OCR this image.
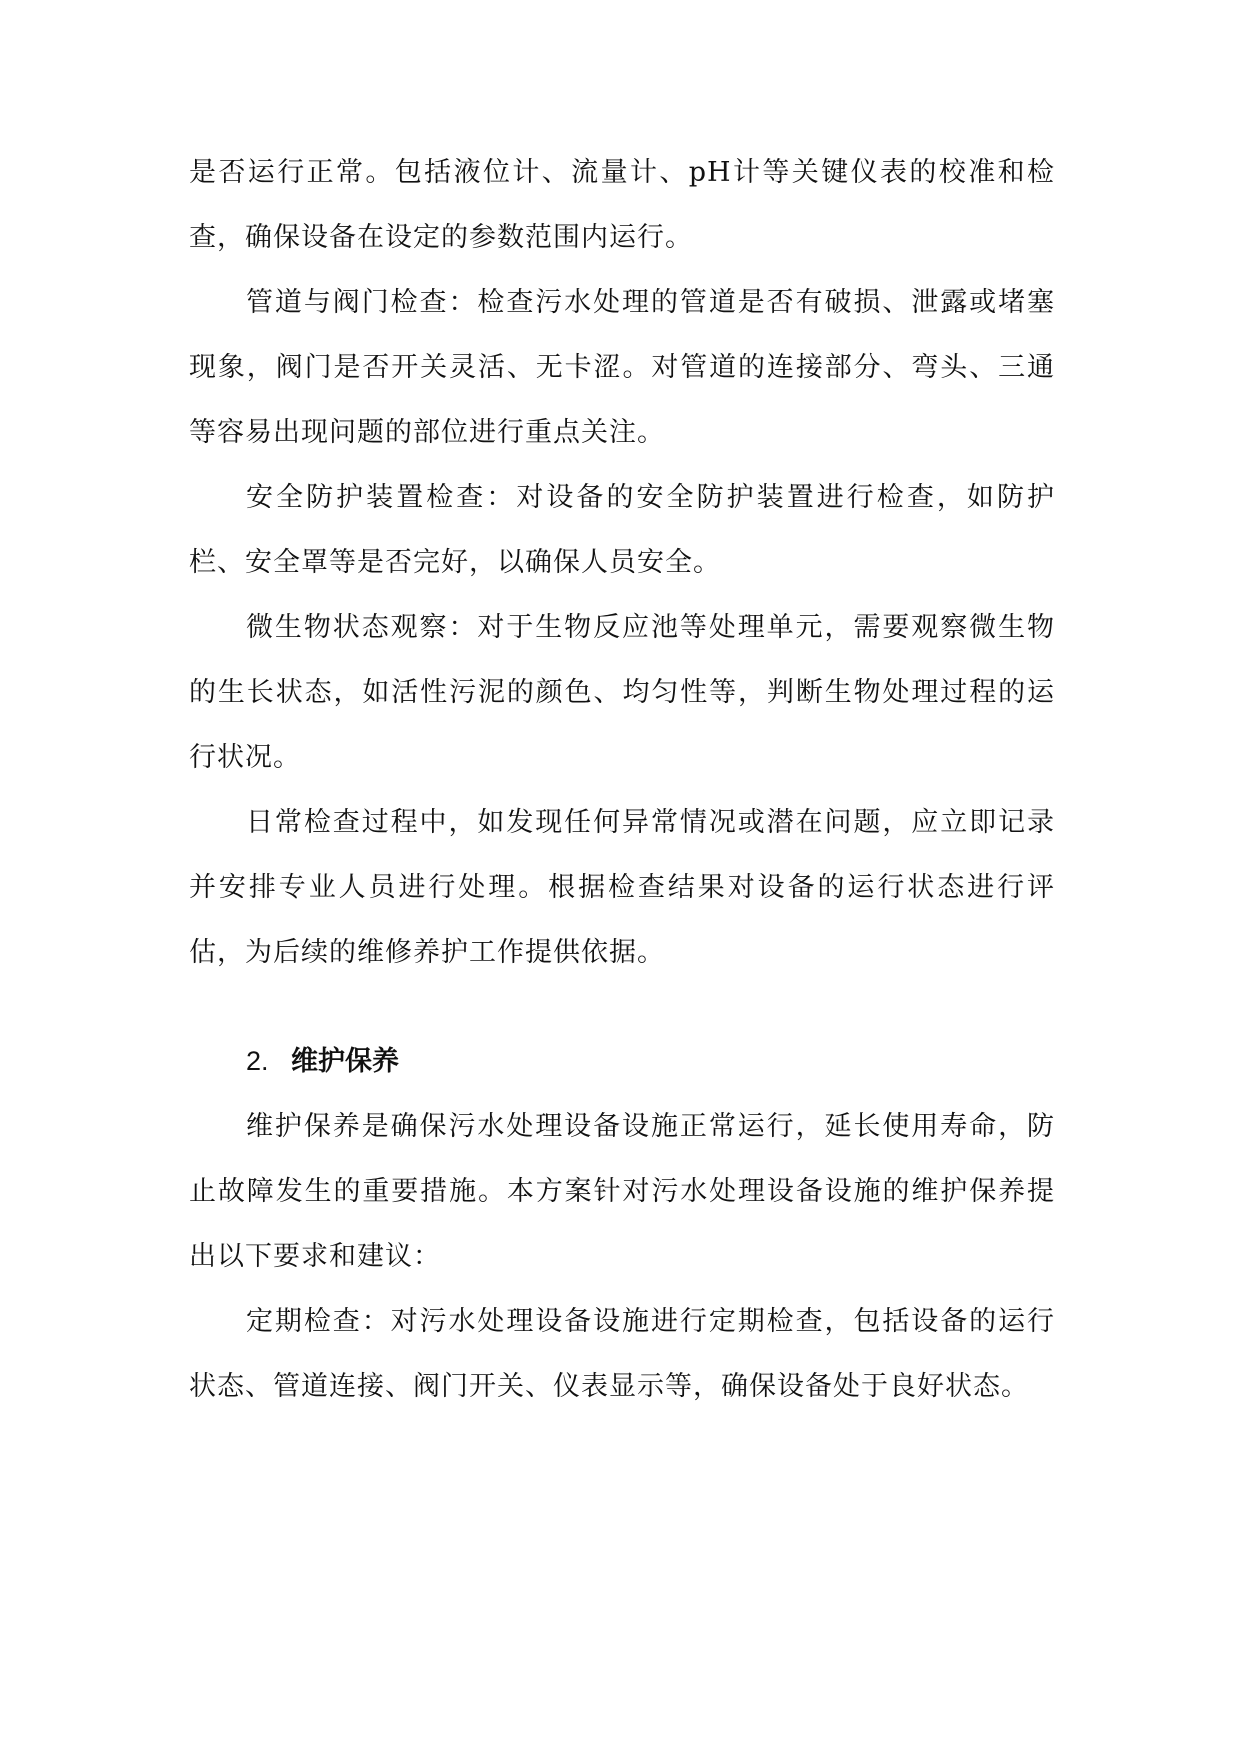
是否运行正常。包括液位计、流量计、pH计等关键仪表的校准和检查，确保设备在设定的参数范围内运行。

管道与阀门检查：检查污水处理的管道是否有破损、泄露或堵塞现象，阀门是否开关灵活、无卡涩。对管道的连接部分、弯头、三通等容易出现问题的部位进行重点关注。

安全防护装置检查：对设备的安全防护装置进行检查，如防护栏、安全罩等是否完好，以确保人员安全。

微生物状态观察：对于生物反应池等处理单元，需要观察微生物的生长状态，如活性污泥的颜色、均匀性等，判断生物处理过程的运行状况。

日常检查过程中，如发现任何异常情况或潜在问题，应立即记录并安排专业人员进行处理。根据检查结果对设备的运行状态进行评估，为后续的维修养护工作提供依据。

2. 维护保养

维护保养是确保污水处理设备设施正常运行，延长使用寿命，防止故障发生的重要措施。本方案针对污水处理设备设施的维护保养提出以下要求和建议：

定期检查：对污水处理设备设施进行定期检查，包括设备的运行状态、管道连接、阀门开关、仪表显示等，确保设备处于良好状态。
